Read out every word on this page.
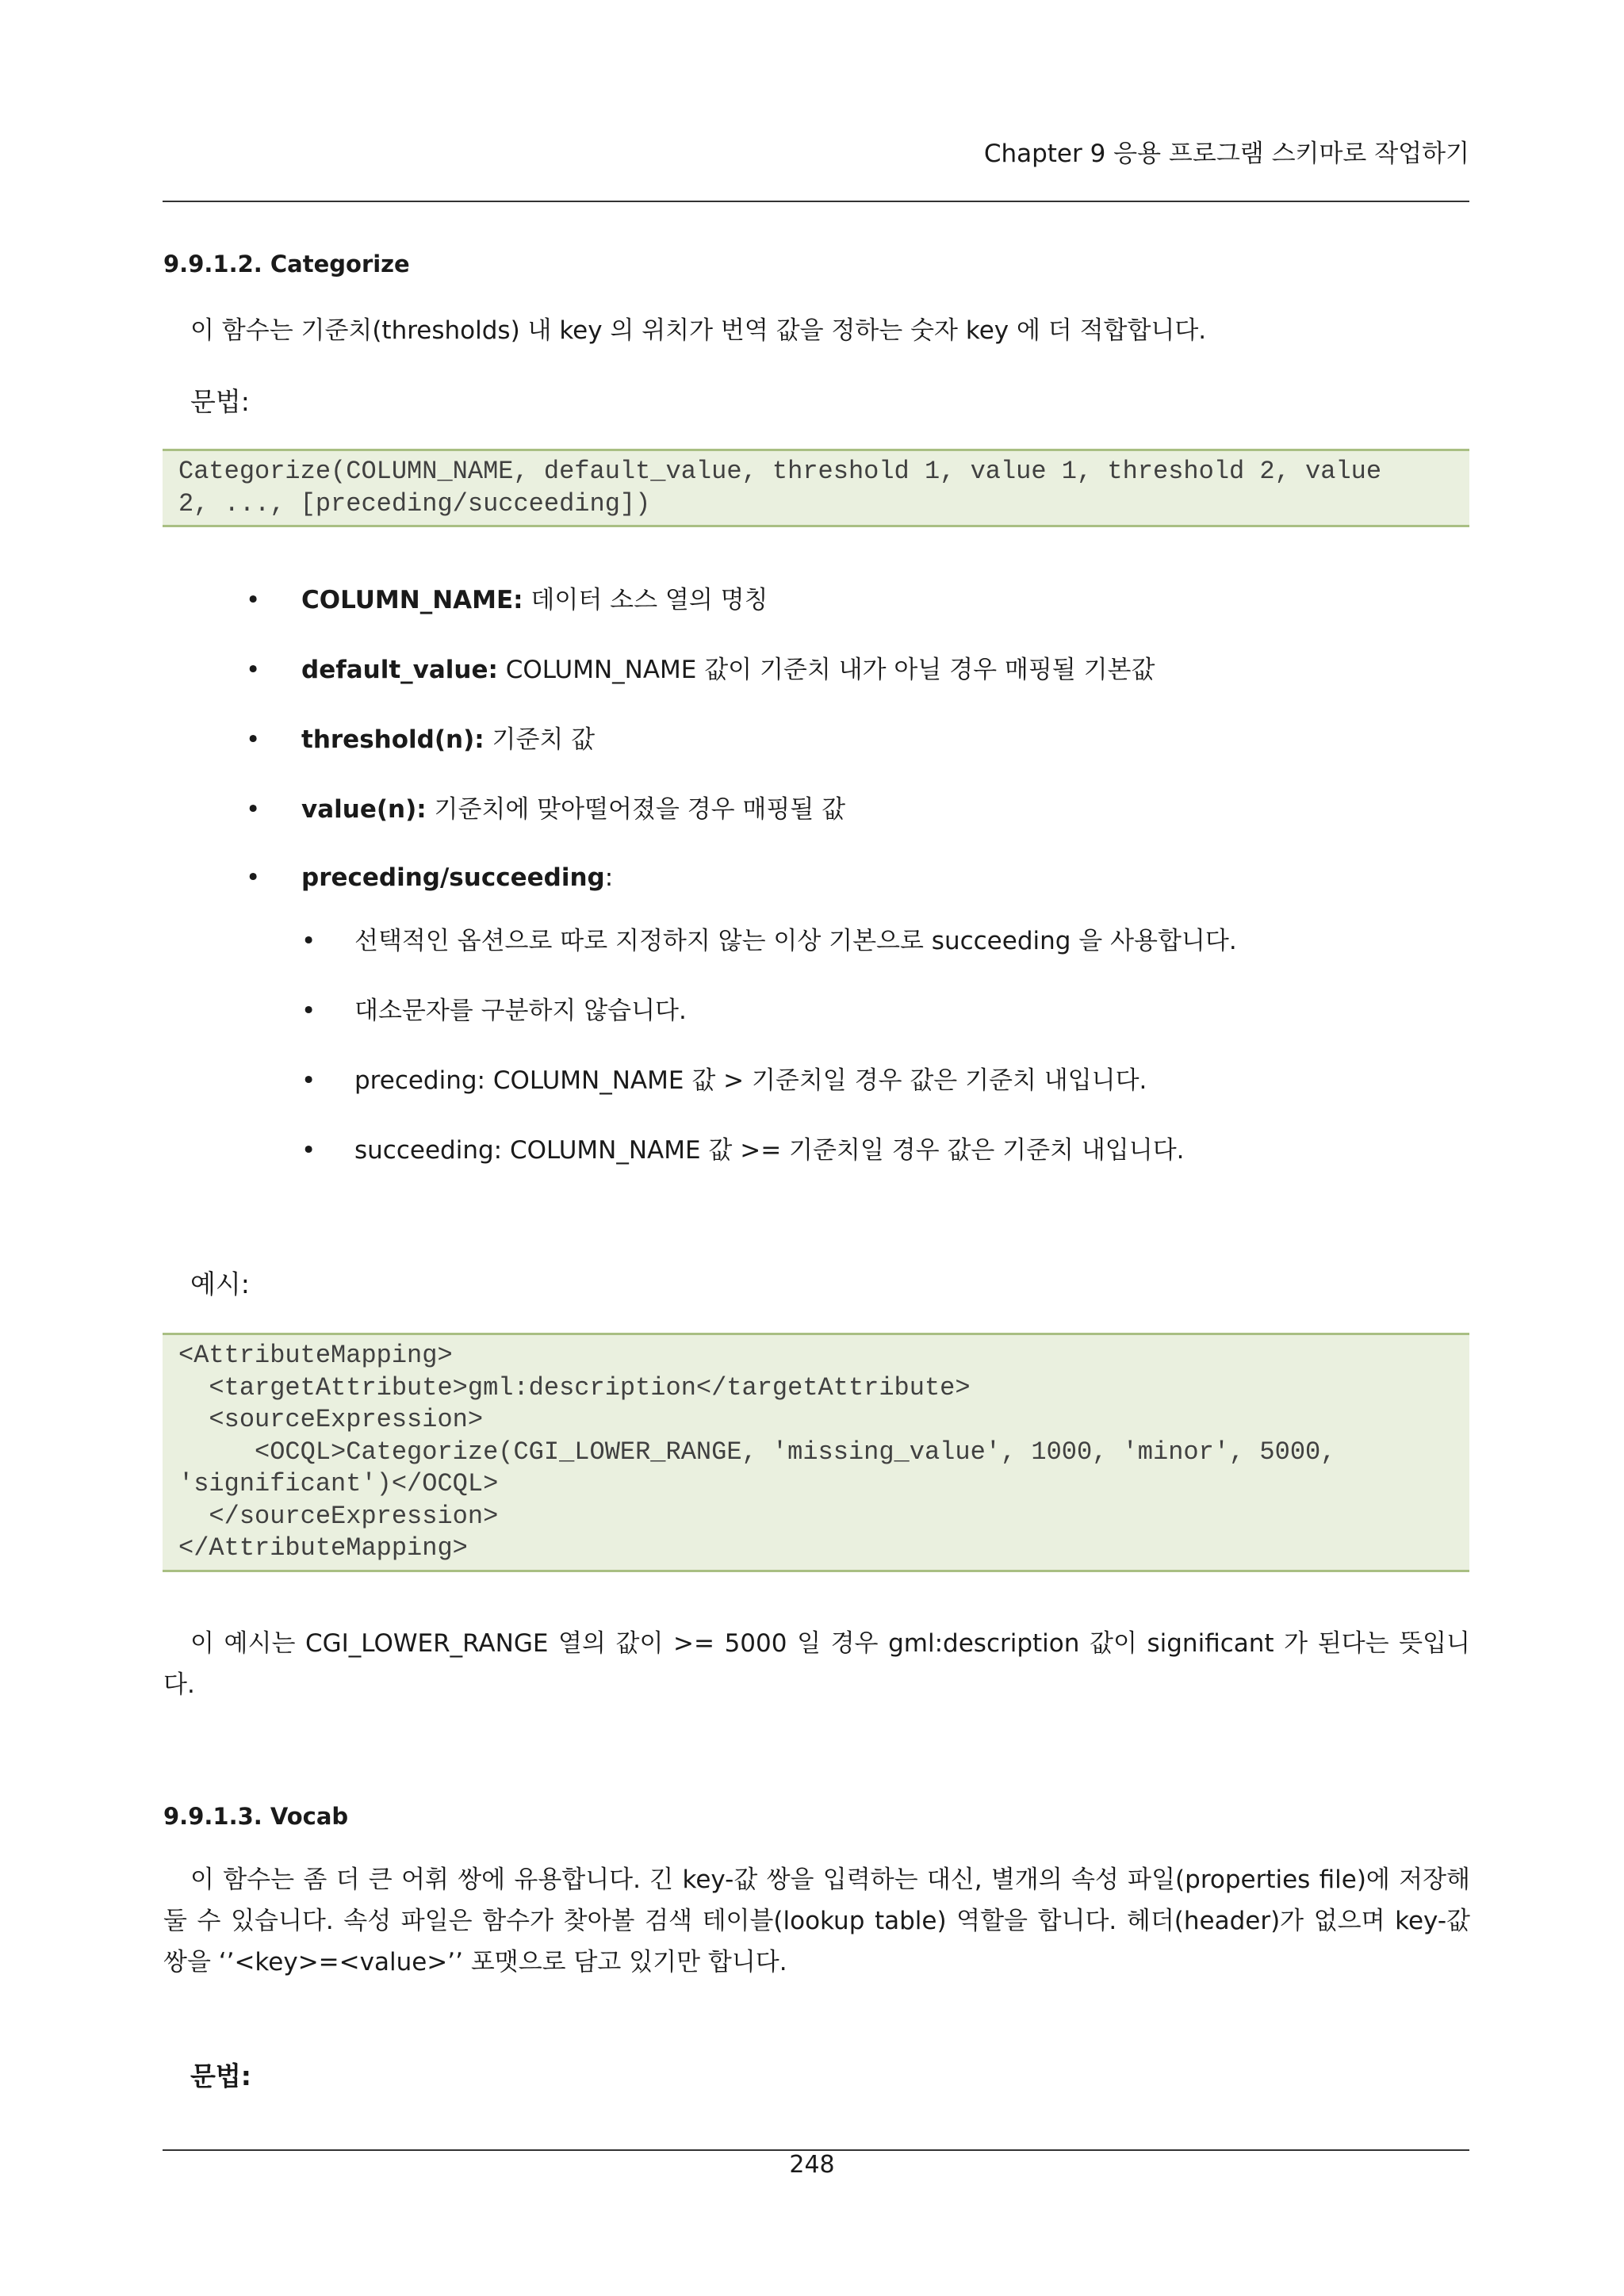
Chapter 9 응용 프로그램 스키마로 작업하기
9.9.1.2. Categorize
이 함수는 기준치(thresholds) 내 key 의 위치가 번역 값을 정하는 숫자 key 에 더 적합합니다.
문법:
Categorize(COLUMN_NAME, default_value, threshold 1, value 1, threshold 2, value
2, ..., [preceding/succeeding])
• COLUMN_NAME: 데이터 소스 열의 명칭
• default_value: COLUMN_NAME 값이 기준치 내가 아닐 경우 매핑될 기본값
• threshold(n): 기준치 값
• value(n): 기준치에 맞아떨어졌을 경우 매핑될 값
• preceding/succeeding:
• 선택적인 옵션으로 따로 지정하지 않는 이상 기본으로 succeeding 을 사용합니다.
• 대소문자를 구분하지 않습니다.
• preceding: COLUMN_NAME 값 > 기준치일 경우 값은 기준치 내입니다.
• succeeding: COLUMN_NAME 값 >= 기준치일 경우 값은 기준치 내입니다.
예시:
<AttributeMapping>
<targetAttribute>gml:description</targetAttribute>
<sourceExpression>
<OCQL>Categorize(CGI_LOWER_RANGE, 'missing_value', 1000, 'minor', 5000,
'significant')</OCQL>
</sourceExpression>
</AttributeMapping>
이 예시는 CGI_LOWER_RANGE 열의 값이 >= 5000 일 경우 gml:description 값이 significant 가 된다는 뜻입니다.
9.9.1.3. Vocab
이 함수는 좀 더 큰 어휘 쌍에 유용합니다. 긴 key-값 쌍을 입력하는 대신, 별개의 속성 파일(properties file)에 저장해둘 수 있습니다. 속성 파일은 함수가 찾아볼 검색 테이블(lookup table) 역할을 합니다. 헤더(header)가 없으며 key-값 쌍을 ‘’<key>=<value>’’ 포맷으로 담고 있기만 합니다.
문법:
248
